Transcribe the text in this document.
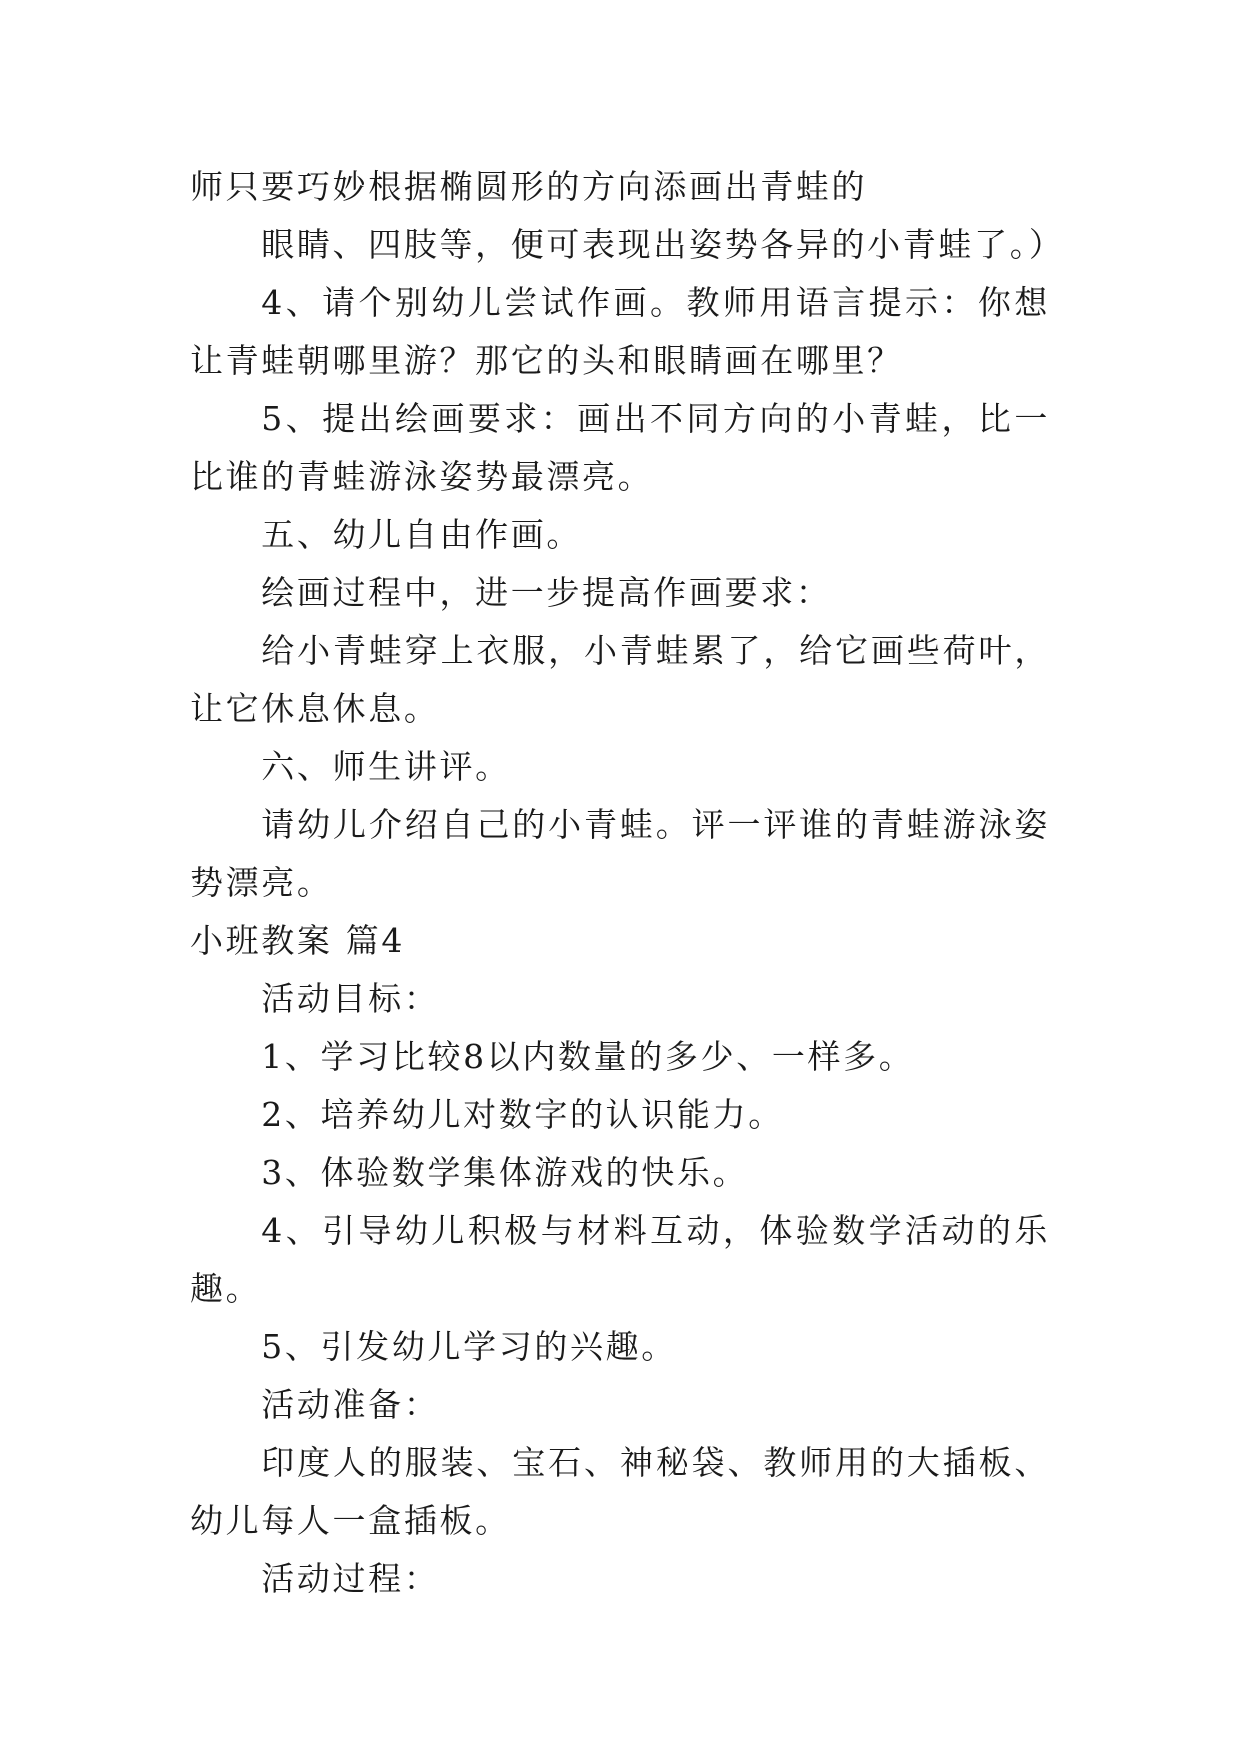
师只要巧妙根据椭圆形的方向添画出青蛙的

眼睛、四肢等，便可表现出姿势各异的小青蛙了。）

4、请个别幼儿尝试作画。教师用语言提示：你想让青蛙朝哪里游？那它的头和眼睛画在哪里？

5、提出绘画要求：画出不同方向的小青蛙，比一比谁的青蛙游泳姿势最漂亮。

五、幼儿自由作画。

绘画过程中，进一步提高作画要求：

给小青蛙穿上衣服，小青蛙累了，给它画些荷叶，让它休息休息。

六、师生讲评。

请幼儿介绍自己的小青蛙。评一评谁的青蛙游泳姿势漂亮。

小班教案 篇4

活动目标：

1、学习比较8以内数量的多少、一样多。

2、培养幼儿对数字的认识能力。

3、体验数学集体游戏的快乐。

4、引导幼儿积极与材料互动，体验数学活动的乐趣。

5、引发幼儿学习的兴趣。

活动准备：

印度人的服装、宝石、神秘袋、教师用的大插板、幼儿每人一盒插板。

活动过程：
